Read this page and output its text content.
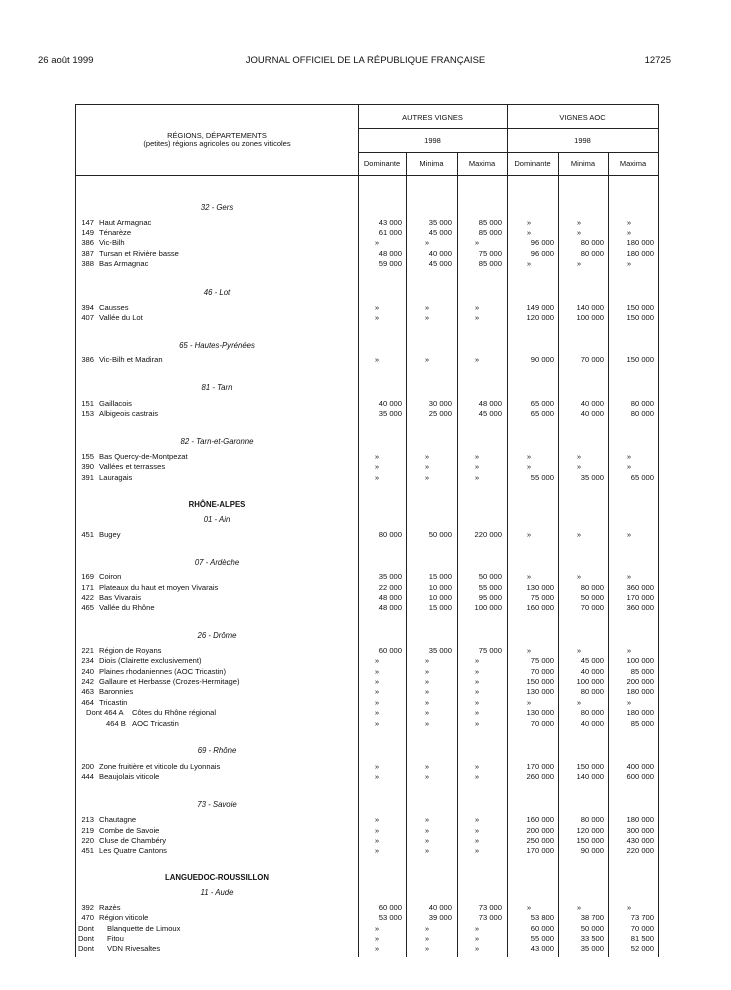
26 août 1999	JOURNAL OFFICIEL DE LA RÉPUBLIQUE FRANÇAISE	12725
RÉGIONS, DÉPARTEMENTS
(petites) régions agricoles ou zones viticoles
AUTRES VIGNES	VIGNES AOC
1998	1998
Dominante	Minima	Maxima	Dominante	Minima	Maxima
32 - Gers
147 Haut Armagnac	43 000	35 000	85 000	»	»	»
149 Ténarèze	61 000	45 000	85 000	»	»	»
386 Vic-Bilh	»	»	»	96 000	80 000	180 000
387 Tursan et Rivière basse	48 000	40 000	75 000	96 000	80 000	180 000
388 Bas Armagnac	59 000	45 000	85 000	»	»	»
46 - Lot
394 Causses	»	»	»	149 000	140 000	150 000
407 Vallée du Lot	»	»	»	120 000	100 000	150 000
65 - Hautes-Pyrénées
386 Vic-Bilh et Madiran	»	»	»	90 000	70 000	150 000
81 - Tarn
151 Gaillacois	40 000	30 000	48 000	65 000	40 000	80 000
153 Albigeois castrais	35 000	25 000	45 000	65 000	40 000	80 000
82 - Tarn-et-Garonne
155 Bas Quercy-de-Montpezat	»	»	»	»	»	»
390 Vallées et terrasses	»	»	»	»	»	»
391 Lauragais	»	»	»	55 000	35 000	65 000
RHÔNE-ALPES
01 - Ain
451 Bugey	80 000	50 000	220 000	»	»	»
07 - Ardèche
169 Coiron	35 000	15 000	50 000	»	»	»
171 Plateaux du haut et moyen Vivarais	22 000	10 000	55 000	130 000	80 000	360 000
422 Bas Vivarais	48 000	10 000	95 000	75 000	50 000	170 000
465 Vallée du Rhône	48 000	15 000	100 000	160 000	70 000	360 000
26 - Drôme
221 Région de Royans	60 000	35 000	75 000	»	»	»
234 Diois (Clairette exclusivement)	»	»	»	75 000	45 000	100 000
240 Plaines rhodaniennes (AOC Tricastin)	»	»	»	70 000	40 000	85 000
242 Gallaure et Herbasse (Crozes-Hermitage)	»	»	»	150 000	100 000	200 000
463 Baronnies	»	»	»	130 000	80 000	180 000
464 Tricastin	»	»	»	»	»	»
Dont 464 A Côtes du Rhône régional	»	»	»	130 000	80 000	180 000
464 B AOC Tricastin	»	»	»	70 000	40 000	85 000
69 - Rhône
200 Zone fruitière et viticole du Lyonnais	»	»	»	170 000	150 000	400 000
444 Beaujolais viticole	»	»	»	260 000	140 000	600 000
73 - Savoie
213 Chautagne	»	»	»	160 000	80 000	180 000
219 Combe de Savoie	»	»	»	200 000	120 000	300 000
220 Cluse de Chambéry	»	»	»	250 000	150 000	430 000
451 Les Quatre Cantons	»	»	»	170 000	90 000	220 000
LANGUEDOC-ROUSSILLON
11 - Aude
392 Razès	60 000	40 000	73 000	»	»	»
470 Région viticole	53 000	39 000	73 000	53 800	38 700	73 700
Dont Blanquette de Limoux	»	»	»	60 000	50 000	70 000
Dont Fitou	»	»	»	55 000	33 500	81 500
Dont VDN Rivesaltes	»	»	»	43 000	35 000	52 000
